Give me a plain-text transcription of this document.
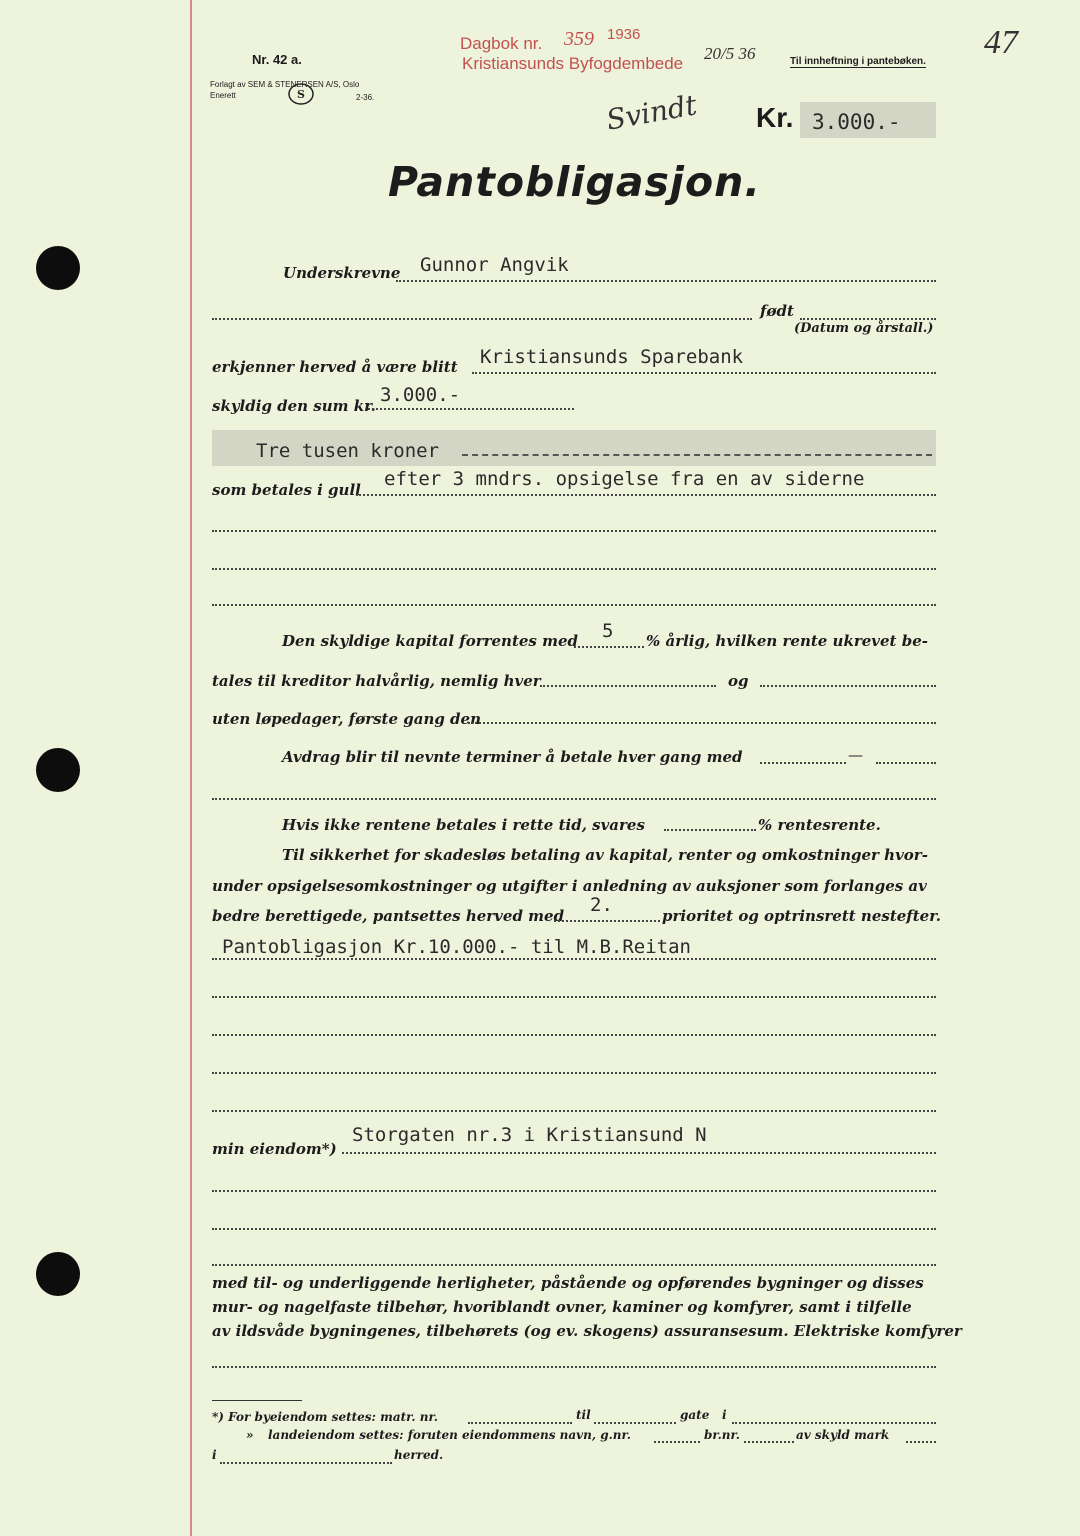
Nr. 42 a.
Forlagt av SEM & STENERSEN A/S, Oslo
Enerett	S	2-36.
Dagbok nr. 359 1936
Kristiansunds Byfogdembede
20/5 36	Til innheftning i pantebøken.
47
Svindt Kr. 3.000.-
Pantobligasjon.
Underskrevne Gunnor Angvik
født
(Datum og årstall.)
erkjenner herved å være blitt Kristiansunds Sparebank
skyldig den sum kr. 3.000.-
Tre tusen kroner
som betales i gull efter 3 mndrs. opsigelse fra en av siderne
Den skyldige kapital forrentes med 5 % årlig, hvilken rente ukrevet be-
tales til kreditor halvårlig, nemlig hver	og
uten løpedager, første gang den
Avdrag blir til nevnte terminer å betale hver gang med	—
Hvis ikke rentene betales i rette tid, svares	% rentesrente.
Til sikkerhet for skadesløs betaling av kapital, renter og omkostninger hvor-
under opsigelsesomkostninger og utgifter i anledning av auksjoner som forlanges av
bedre berettigede, pantsettes herved med 2.	prioritet og optrinsrett nestefter.
Pantobligasjon Kr.10.000.- til M.B.Reitan
min eiendom*)
Storgaten nr.3 i Kristiansund N
med til- og underliggende herligheter, påstående og opførendes bygninger og disses
mur- og nagelfaste tilbehør, hvoriblandt ovner, kaminer og komfyrer, samt i tilfelle
av ildsvåde bygningenes, tilbehørets (og ev. skogens) assuransesum. Elektriske komfyrer
*) For byeiendom settes: matr. nr.	til	gate i
» landeiendom settes: foruten eiendommens navn, g.nr.	br.nr.	av skyld mark
i	herred.
